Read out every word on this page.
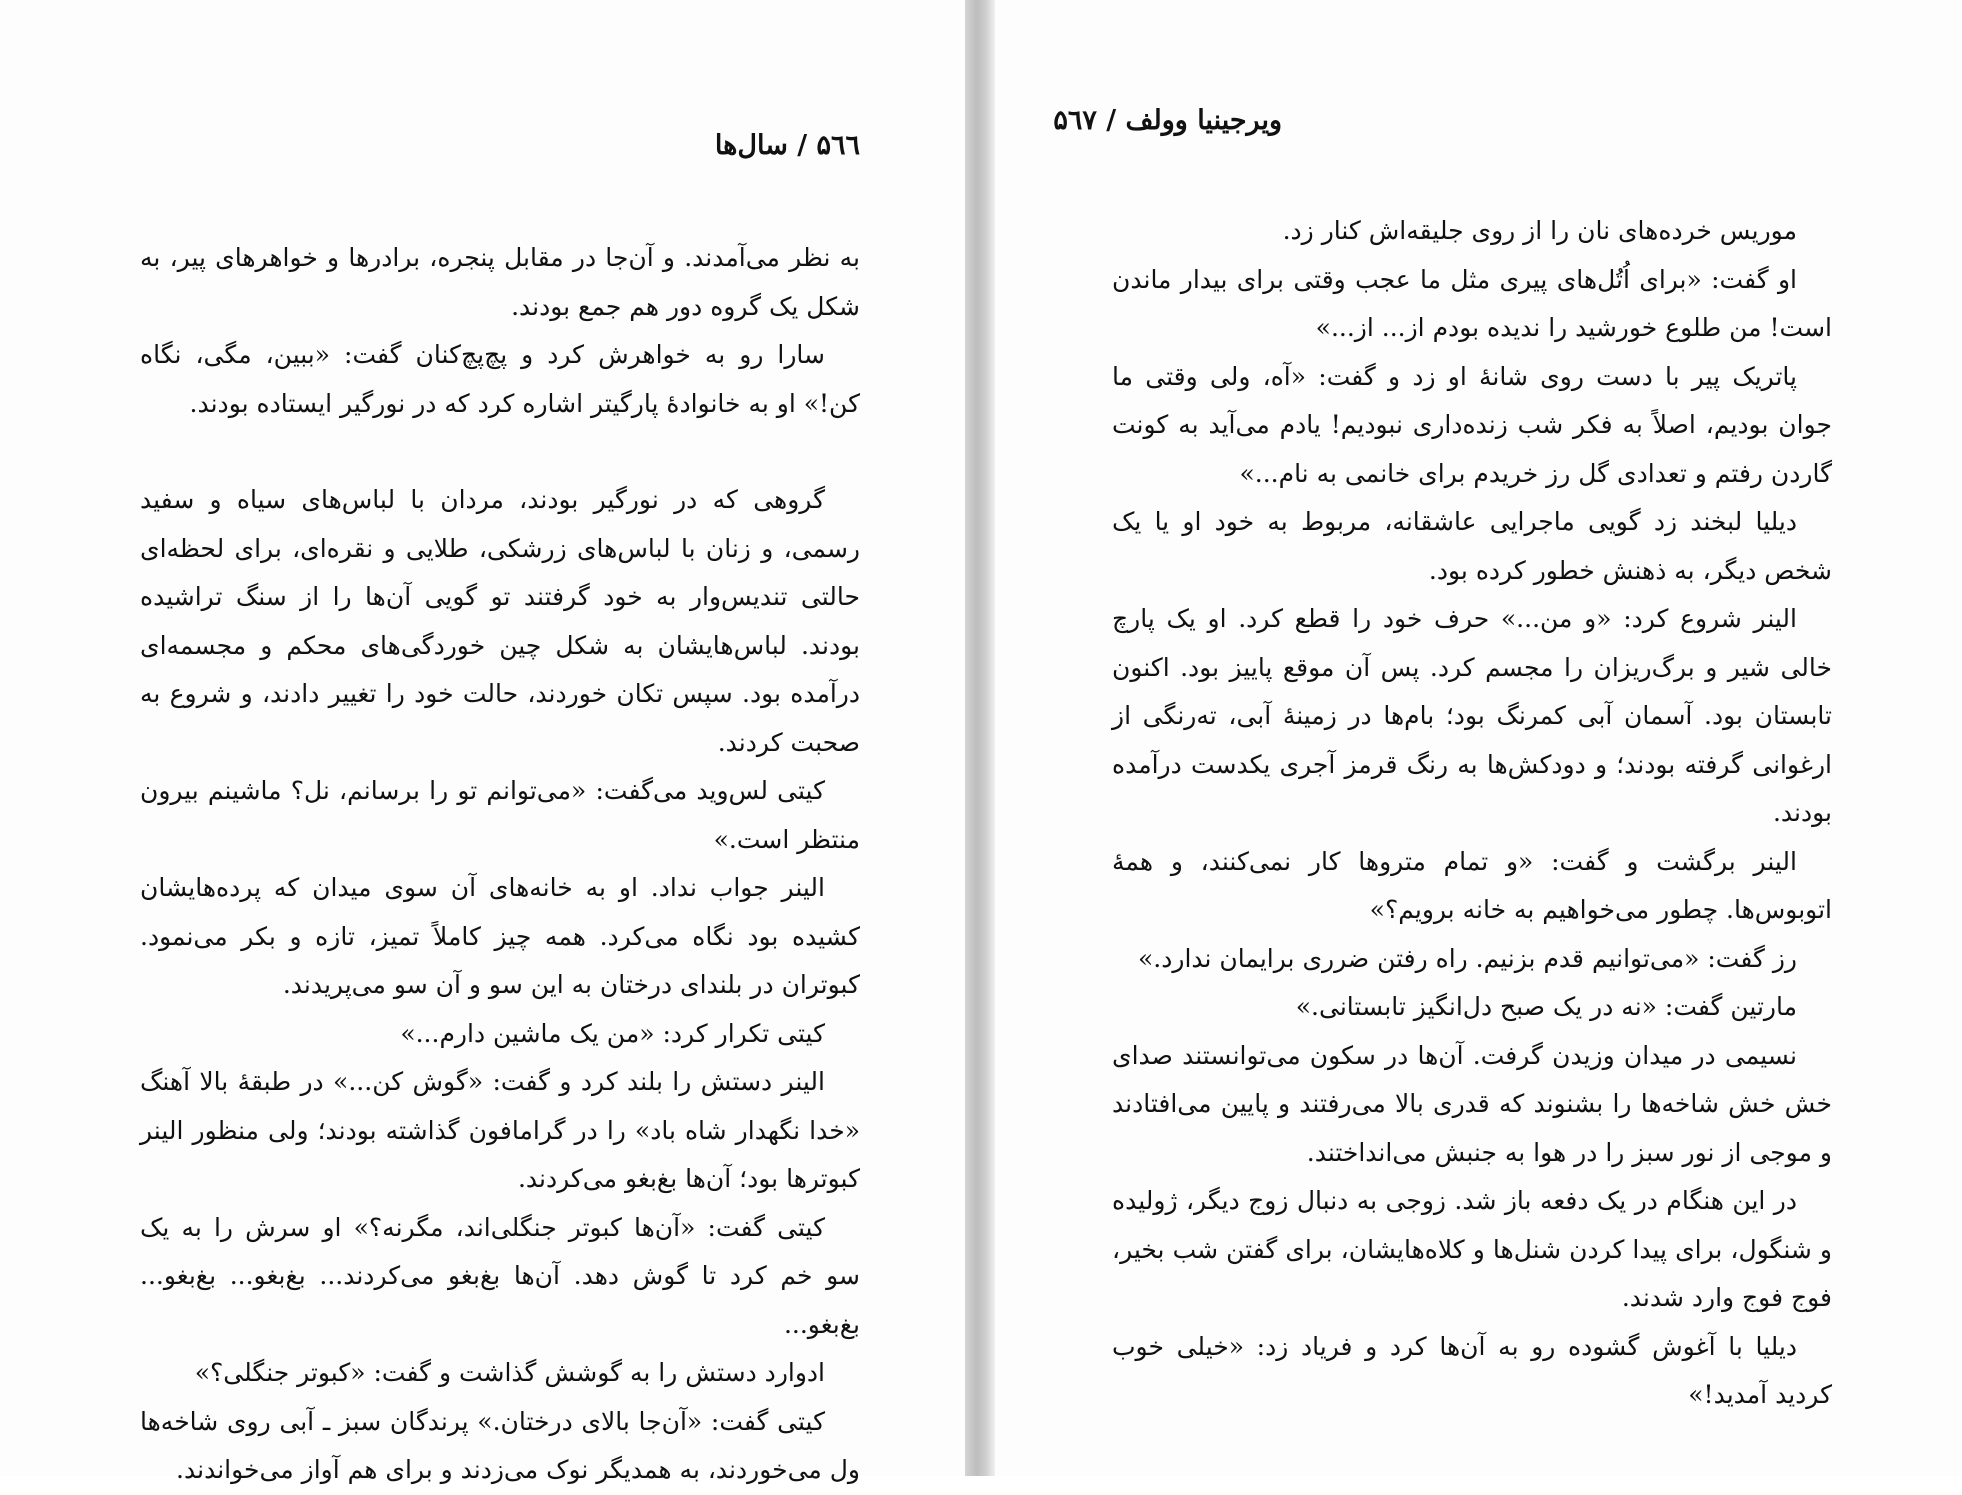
۵٦٦ / سال‌ها

به نظر می‌آمدند. و آن‌جا در مقابل پنجره، برادرها و خواهرهای پیر، به شکل یک گروه دور هم جمع بودند.

سارا رو به خواهرش کرد و پچ‌پچ‌کنان گفت: «ببین، مگی، نگاه کن!» او به خانوادهٔ پارگیتر اشاره کرد که در نورگیر ایستاده بودند.

گروهی که در نورگیر بودند، مردان با لباس‌های سیاه و سفید رسمی، و زنان با لباس‌های زرشکی، طلایی و نقره‌ای، برای لحظه‌ای حالتی تندیس‌وار به خود گرفتند تو گویی آن‌ها را از سنگ تراشیده بودند. لباس‌هایشان به شکل چین خوردگی‌های محکم و مجسمه‌ای درآمده بود. سپس تکان خوردند، حالت خود را تغییر دادند، و شروع به صحبت کردند.

کیتی لس‌وید می‌گفت: «می‌توانم تو را برسانم، نل؟ ماشینم بیرون منتظر است.»

الینر جواب نداد. او به خانه‌های آن سوی میدان که پرده‌هایشان کشیده بود نگاه می‌کرد. همه چیز کاملاً تمیز، تازه و بکر می‌نمود. کبوتران در بلندای درختان به این سو و آن سو می‌پریدند.

کیتی تکرار کرد: «من یک ماشین دارم...»

الینر دستش را بلند کرد و گفت: «گوش کن...» در طبقهٔ بالا آهنگ «خدا نگهدار شاه باد» را در گرامافون گذاشته بودند؛ ولی منظور الینر کبوترها بود؛ آن‌ها بغ‌بغو می‌کردند.

کیتی گفت: «آن‌ها کبوتر جنگلی‌اند، مگرنه؟» او سرش را به یک سو خم کرد تا گوش دهد. آن‌ها بغ‌بغو می‌کردند... بغ‌بغو... بغ‌بغو... بغ‌بغو...

ادوارد دستش را به گوشش گذاشت و گفت: «کبوتر جنگلی؟»

کیتی گفت: «آن‌جا بالای درختان.» پرندگان سبز ـ آبی روی شاخه‌ها ول می‌خوردند، به همدیگر نوک می‌زدند و برای هم آواز می‌خواندند.

ویرجینیا وولف / ۵٦٧

موریس خرده‌های نان را از روی جلیقه‌اش کنار زد.

او گفت: «برای اُتُل‌های پیری مثل ما عجب وقتی برای بیدار ماندن است! من طلوع خورشید را ندیده بودم از... از...»

پاتریک پیر با دست روی شانهٔ او زد و گفت: «آه، ولی وقتی ما جوان بودیم، اصلاً به فکر شب زنده‌داری نبودیم! یادم می‌آید به کونت گاردن رفتم و تعدادی گل رز خریدم برای خانمی به نام...»

دیلیا لبخند زد گویی ماجرایی عاشقانه، مربوط به خود او یا یک شخص دیگر، به ذهنش خطور کرده بود.

الینر شروع کرد: «و من...» حرف خود را قطع کرد. او یک پارچ خالی شیر و برگ‌ریزان را مجسم کرد. پس آن موقع پاییز بود. اکنون تابستان بود. آسمان آبی کمرنگ بود؛ بام‌ها در زمینهٔ آبی، ته‌رنگی از ارغوانی گرفته بودند؛ و دودکش‌ها به رنگ قرمز آجری یکدست درآمده بودند.

الینر برگشت و گفت: «و تمام متروها کار نمی‌کنند، و همهٔ اتوبوس‌ها. چطور می‌خواهیم به خانه برویم؟»

رز گفت: «می‌توانیم قدم بزنیم. راه رفتن ضرری برایمان ندارد.»

مارتین گفت: «نه در یک صبح دل‌انگیز تابستانی.»

نسیمی در میدان وزیدن گرفت. آن‌ها در سکون می‌توانستند صدای خش خش شاخه‌ها را بشنوند که قدری بالا می‌رفتند و پایین می‌افتادند و موجی از نور سبز را در هوا به جنبش می‌انداختند.

در این هنگام در یک دفعه باز شد. زوجی به دنبال زوج دیگر، ژولیده و شنگول، برای پیدا کردن شنل‌ها و کلاه‌هایشان، برای گفتن شب بخیر، فوج فوج وارد شدند.

دیلیا با آغوش گشوده رو به آن‌ها کرد و فریاد زد: «خیلی خوب کردید آمدید!»
